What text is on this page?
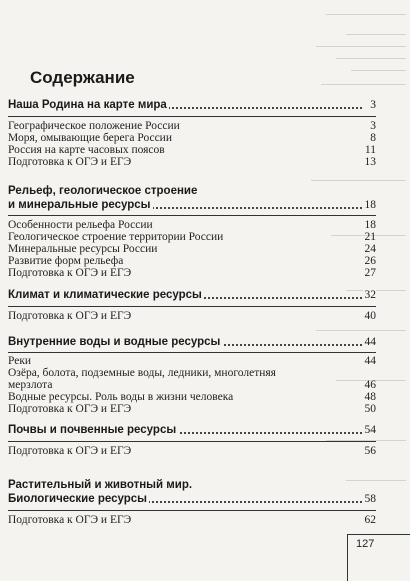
Содержание
Наша Родина на карте мира	3
Географическое положение России	3
Моря, омывающие берега России	8
Россия на карте часовых поясов	11
Подготовка к ОГЭ и ЕГЭ	13
Рельеф, геологическое строение
и минеральные ресурсы	18
Особенности рельефа России	18
Геологическое строение территории России	21
Минеральные ресурсы России	24
Развитие форм рельефа	26
Подготовка к ОГЭ и ЕГЭ	27
Климат и климатические ресурсы	32
Подготовка к ОГЭ и ЕГЭ	40
Внутренние воды и водные ресурсы	44
Реки	44
Озёра, болота, подземные воды, ледники, многолетняя
мерзлота	46
Водные ресурсы. Роль воды в жизни человека	48
Подготовка к ОГЭ и ЕГЭ	50
Почвы и почвенные ресурсы	54
Подготовка к ОГЭ и ЕГЭ	56
Растительный и животный мир.
Биологические ресурсы	58
Подготовка к ОГЭ и ЕГЭ	62
127
